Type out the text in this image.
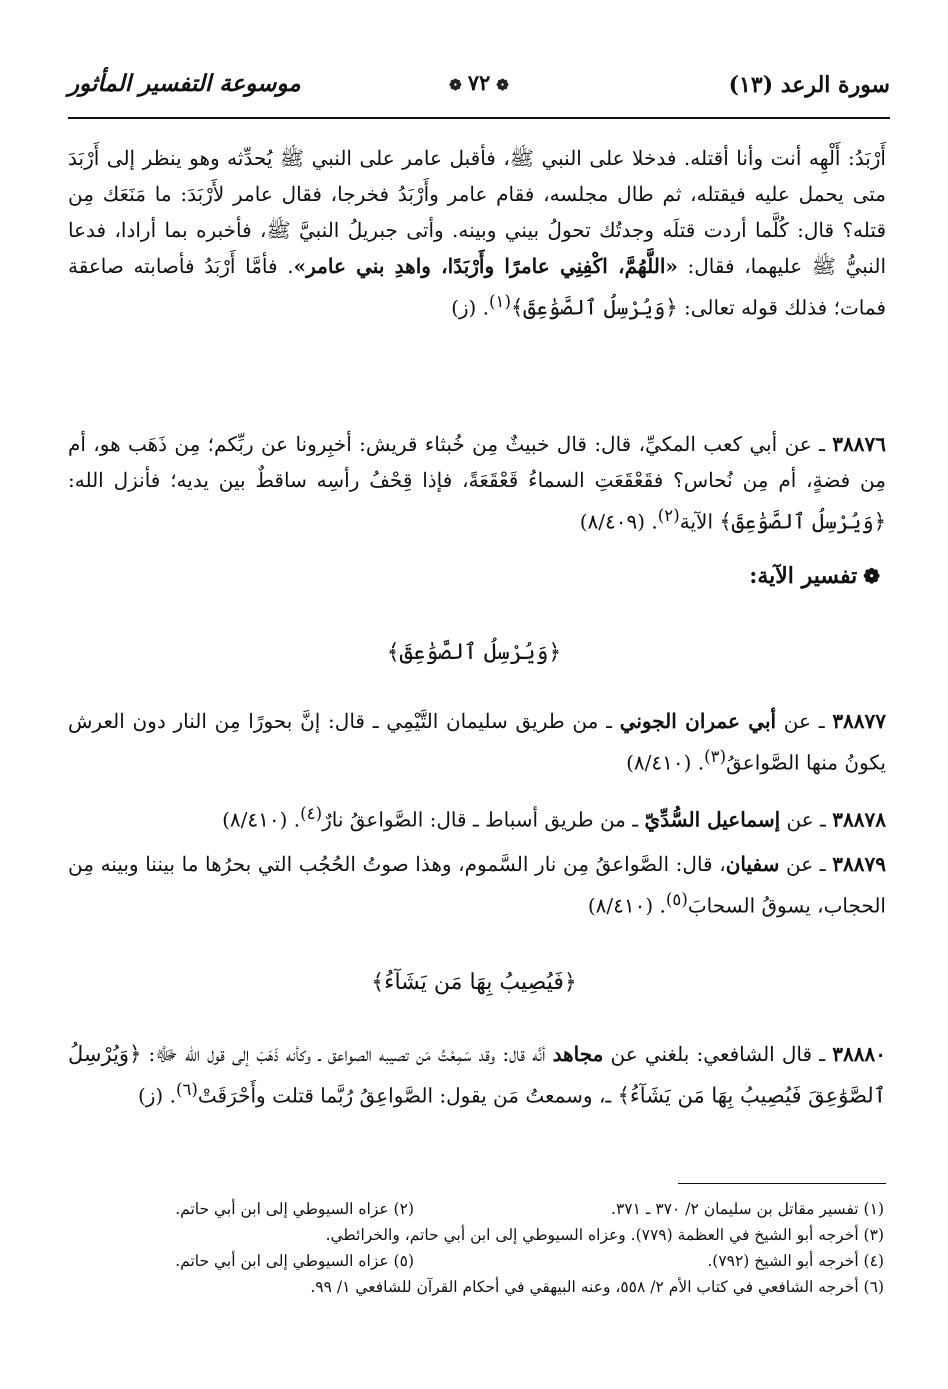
سورة الرعد (١٣)
❁٧٢❁
موسوعة التفسير المأثور
أَرْبَدُ: أَلْهِه أنت وأنا أقتله. فدخلا على النبي ﷺ، فأقبل عامر على النبي ﷺ يُحدِّثه وهو ينظر إلى أَرْبَدَ متى يحمل عليه فيقتله، ثم طال مجلسه، فقام عامر وأَرْبَدُ فخرجا، فقال عامر لأَرْبَدَ: ما مَنَعَك مِن قتله؟ قال: كُلَّما أردت قتلَه وجدتُك تحولُ بيني وبينه. وأتى جبريلُ النبيَّ ﷺ، فأخبره بما أرادا، فدعا النبيُّ ﷺ عليهما، فقال: «اللَّهُمَّ، اكْفِنِي عامرًا وأَرْبَدًا، واهدِ بني عامر». فأمَّا أَرْبَدُ فأصابته صاعقة فمات؛ فذلك قوله تعالى: ﴿وَيُرْسِلُ ٱلصَّوَٰعِقَ﴾$^{(١)}$. (ز)
٣٨٨٧٦ ـ عن أبي كعب المكيِّ، قال: قال خبيثٌ مِن خُبثاء قريش: أخبِرونا عن ربِّكم؛ مِن ذَهَب هو، أم مِن فضةٍ، أم مِن نُحاس؟ فقَعْقَعَتِ السماءُ قَعْقَعَةً، فإذا قِحْفُ رأسِه ساقطٌ بين يديه؛ فأنزل الله: ﴿وَيُرْسِلُ ٱلصَّوَٰعِقَ﴾ الآية$^{(٢)}$. (٨/٤٠٩)
❁تفسير الآية:
﴿وَيُرْسِلُ ٱلصَّوَٰعِقَ﴾
٣٨٨٧٧ ـ عن أبي عمران الجوني ـ من طريق سليمان التَّيْمِي ـ قال: إنَّ بحورًا مِن النار دون العرش يكونُ منها الصَّواعقُ$^{(٣)}$. (٨/٤١٠)
٣٨٨٧٨ ـ عن إسماعيل السُّدِّيّ ـ من طريق أسباط ـ قال: الصَّواعقُ نارٌ$^{(٤)}$. (٨/٤١٠)
٣٨٨٧٩ ـ عن سفيان، قال: الصَّواعقُ مِن نار السَّموم، وهذا صوتُ الحُجُب التي بحرُها ما بيننا وبينه مِن الحجاب، يسوقُ السحابَ$^{(٥)}$. (٨/٤١٠)
﴿فَيُصِيبُ بِهَا مَن يَشَآءُ﴾
٣٨٨٨٠ ـ قال الشافعي: بلغني عن مجاهد أنَّه قال: وقد سَمِعْتُ مَن تصيبه الصواعق ـ وكأنه ذَهَبَ إلى قول الله ﷻ: ﴿وَيُرْسِلُ ٱلصَّوَٰعِقَ فَيُصِيبُ بِهَا مَن يَشَآءُ﴾ ـ، وسمعتُ مَن يقول: الصَّواعِقُ رُبَّما قتلت وأَحْرَقَتْ$^{(٦)}$. (ز)
(١) تفسير مقاتل بن سليمان ٢/ ٣٧٠ ـ ٣٧١.
(٢) عزاه السيوطي إلى ابن أبي حاتم.
(٣) أخرجه أبو الشيخ في العظمة (٧٧٩). وعزاه السيوطي إلى ابن أبي حاتم، والخرائطي.
(٤) أخرجه أبو الشيخ (٧٩٢).
(٥) عزاه السيوطي إلى ابن أبي حاتم.
(٦) أخرجه الشافعي في كتاب الأم ٢/ ٥٥٨، وعنه البيهقي في أحكام القرآن للشافعي ١/ ٩٩.
